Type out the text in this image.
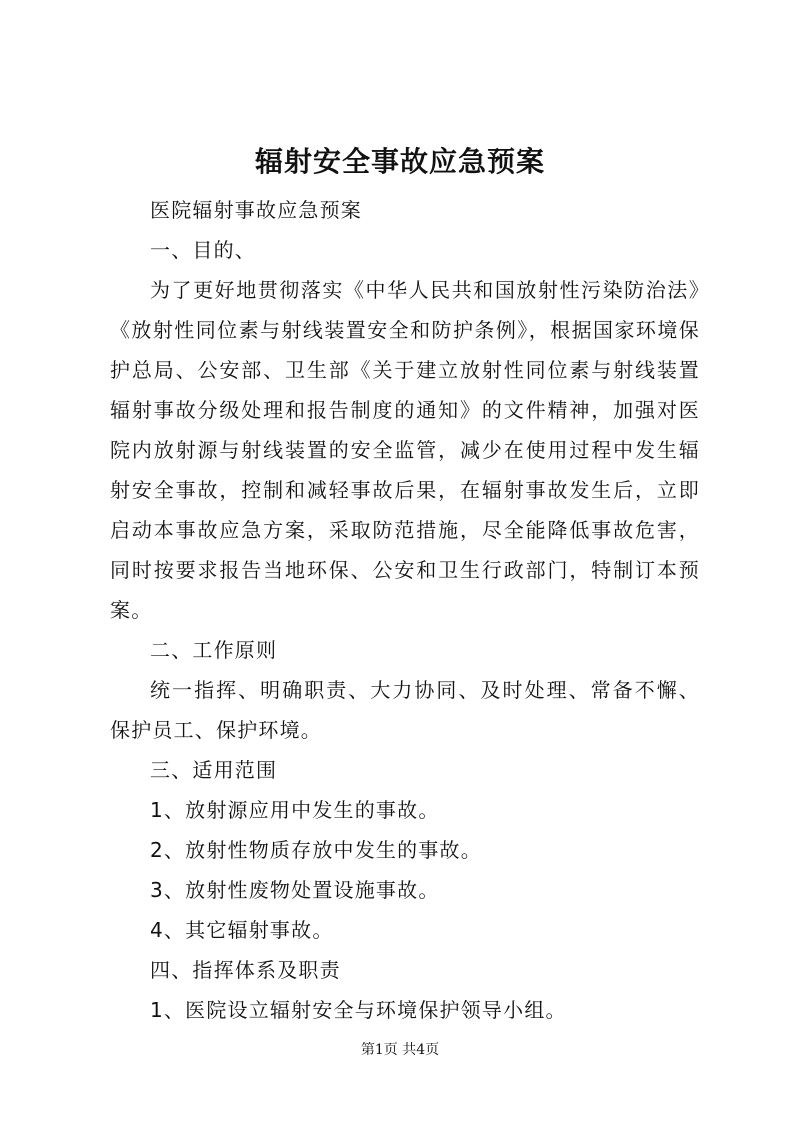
辐射安全事故应急预案

医院辐射事故应急预案

一、目的、

为了更好地贯彻落实《中华人民共和国放射性污染防治法》《放射性同位素与射线装置安全和防护条例》，根据国家环境保护总局、公安部、卫生部《关于建立放射性同位素与射线装置辐射事故分级处理和报告制度的通知》的文件精神，加强对医院内放射源与射线装置的安全监管，减少在使用过程中发生辐射安全事故，控制和减轻事故后果，在辐射事故发生后，立即启动本事故应急方案，采取防范措施，尽全能降低事故危害，同时按要求报告当地环保、公安和卫生行政部门，特制订本预案。

二、工作原则

统一指挥、明确职责、大力协同、及时处理、常备不懈、保护员工、保护环境。

三、适用范围

1、放射源应用中发生的事故。

2、放射性物质存放中发生的事故。

3、放射性废物处置设施事故。

4、其它辐射事故。

四、指挥体系及职责

1、医院设立辐射安全与环境保护领导小组。

第1页 共4页
